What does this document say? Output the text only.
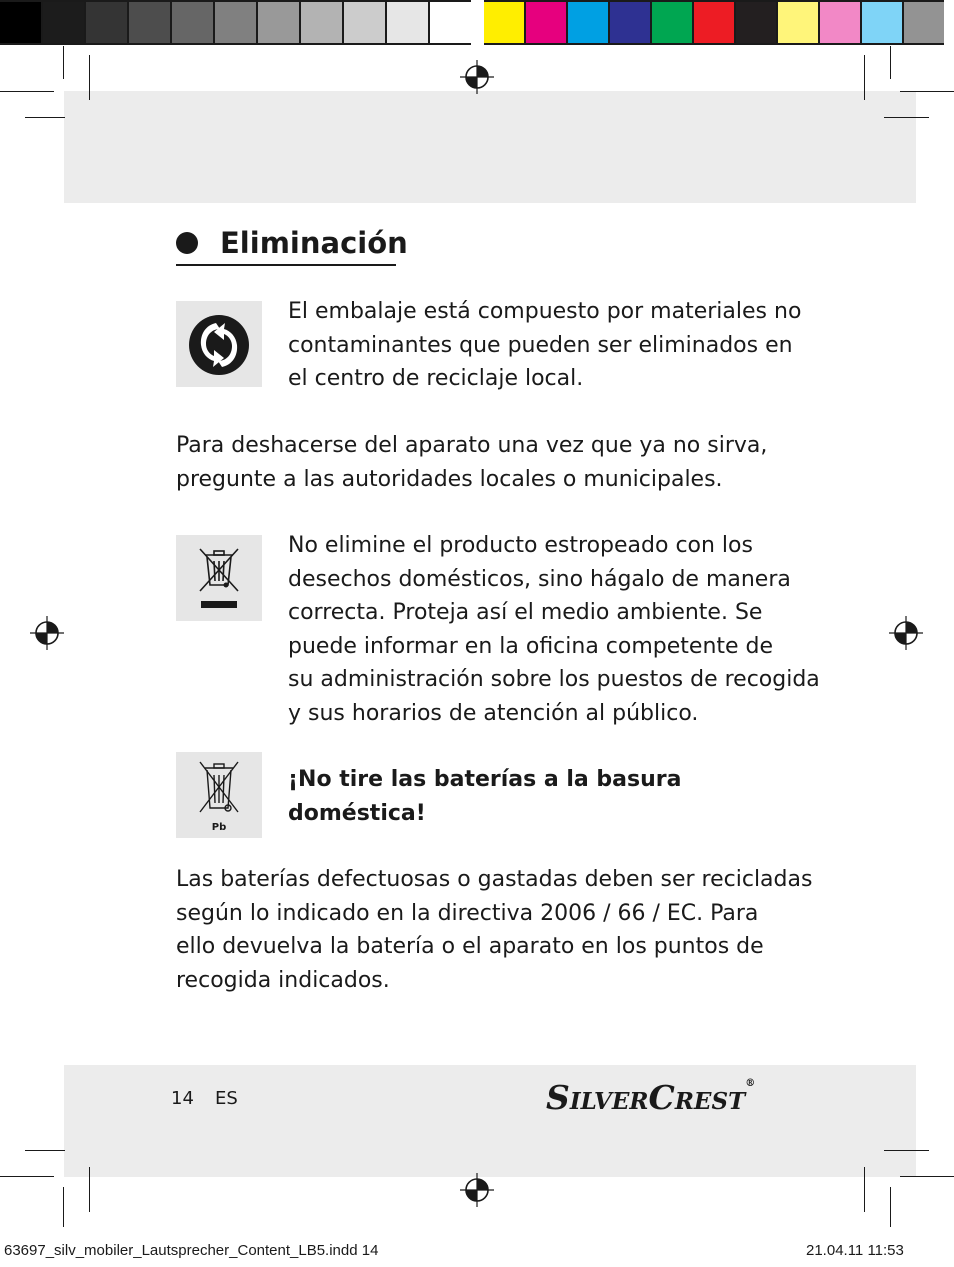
Eliminación
El embalaje está compuesto por materiales no
contaminantes que pueden ser eliminados en
el centro de reciclaje local.
Para deshacerse del aparato una vez que ya no sirva,
pregunte a las autoridades locales o municipales.
No elimine el producto estropeado con los
desechos domésticos, sino hágalo de manera
correcta. Proteja así el medio ambiente. Se
puede informar en la oficina competente de
su administración sobre los puestos de recogida
y sus horarios de atención al público.
Pb
¡No tire las baterías a la basura
doméstica!
Las baterías defectuosas o gastadas deben ser recicladas
según lo indicado en la directiva 2006 / 66 / EC. Para
ello devuelva la batería o el aparato en los puntos de
recogida indicados.
14 ES	SILVERCREST®
63697_silv_mobiler_Lautsprecher_Content_LB5.indd 14	21.04.11 11:53
